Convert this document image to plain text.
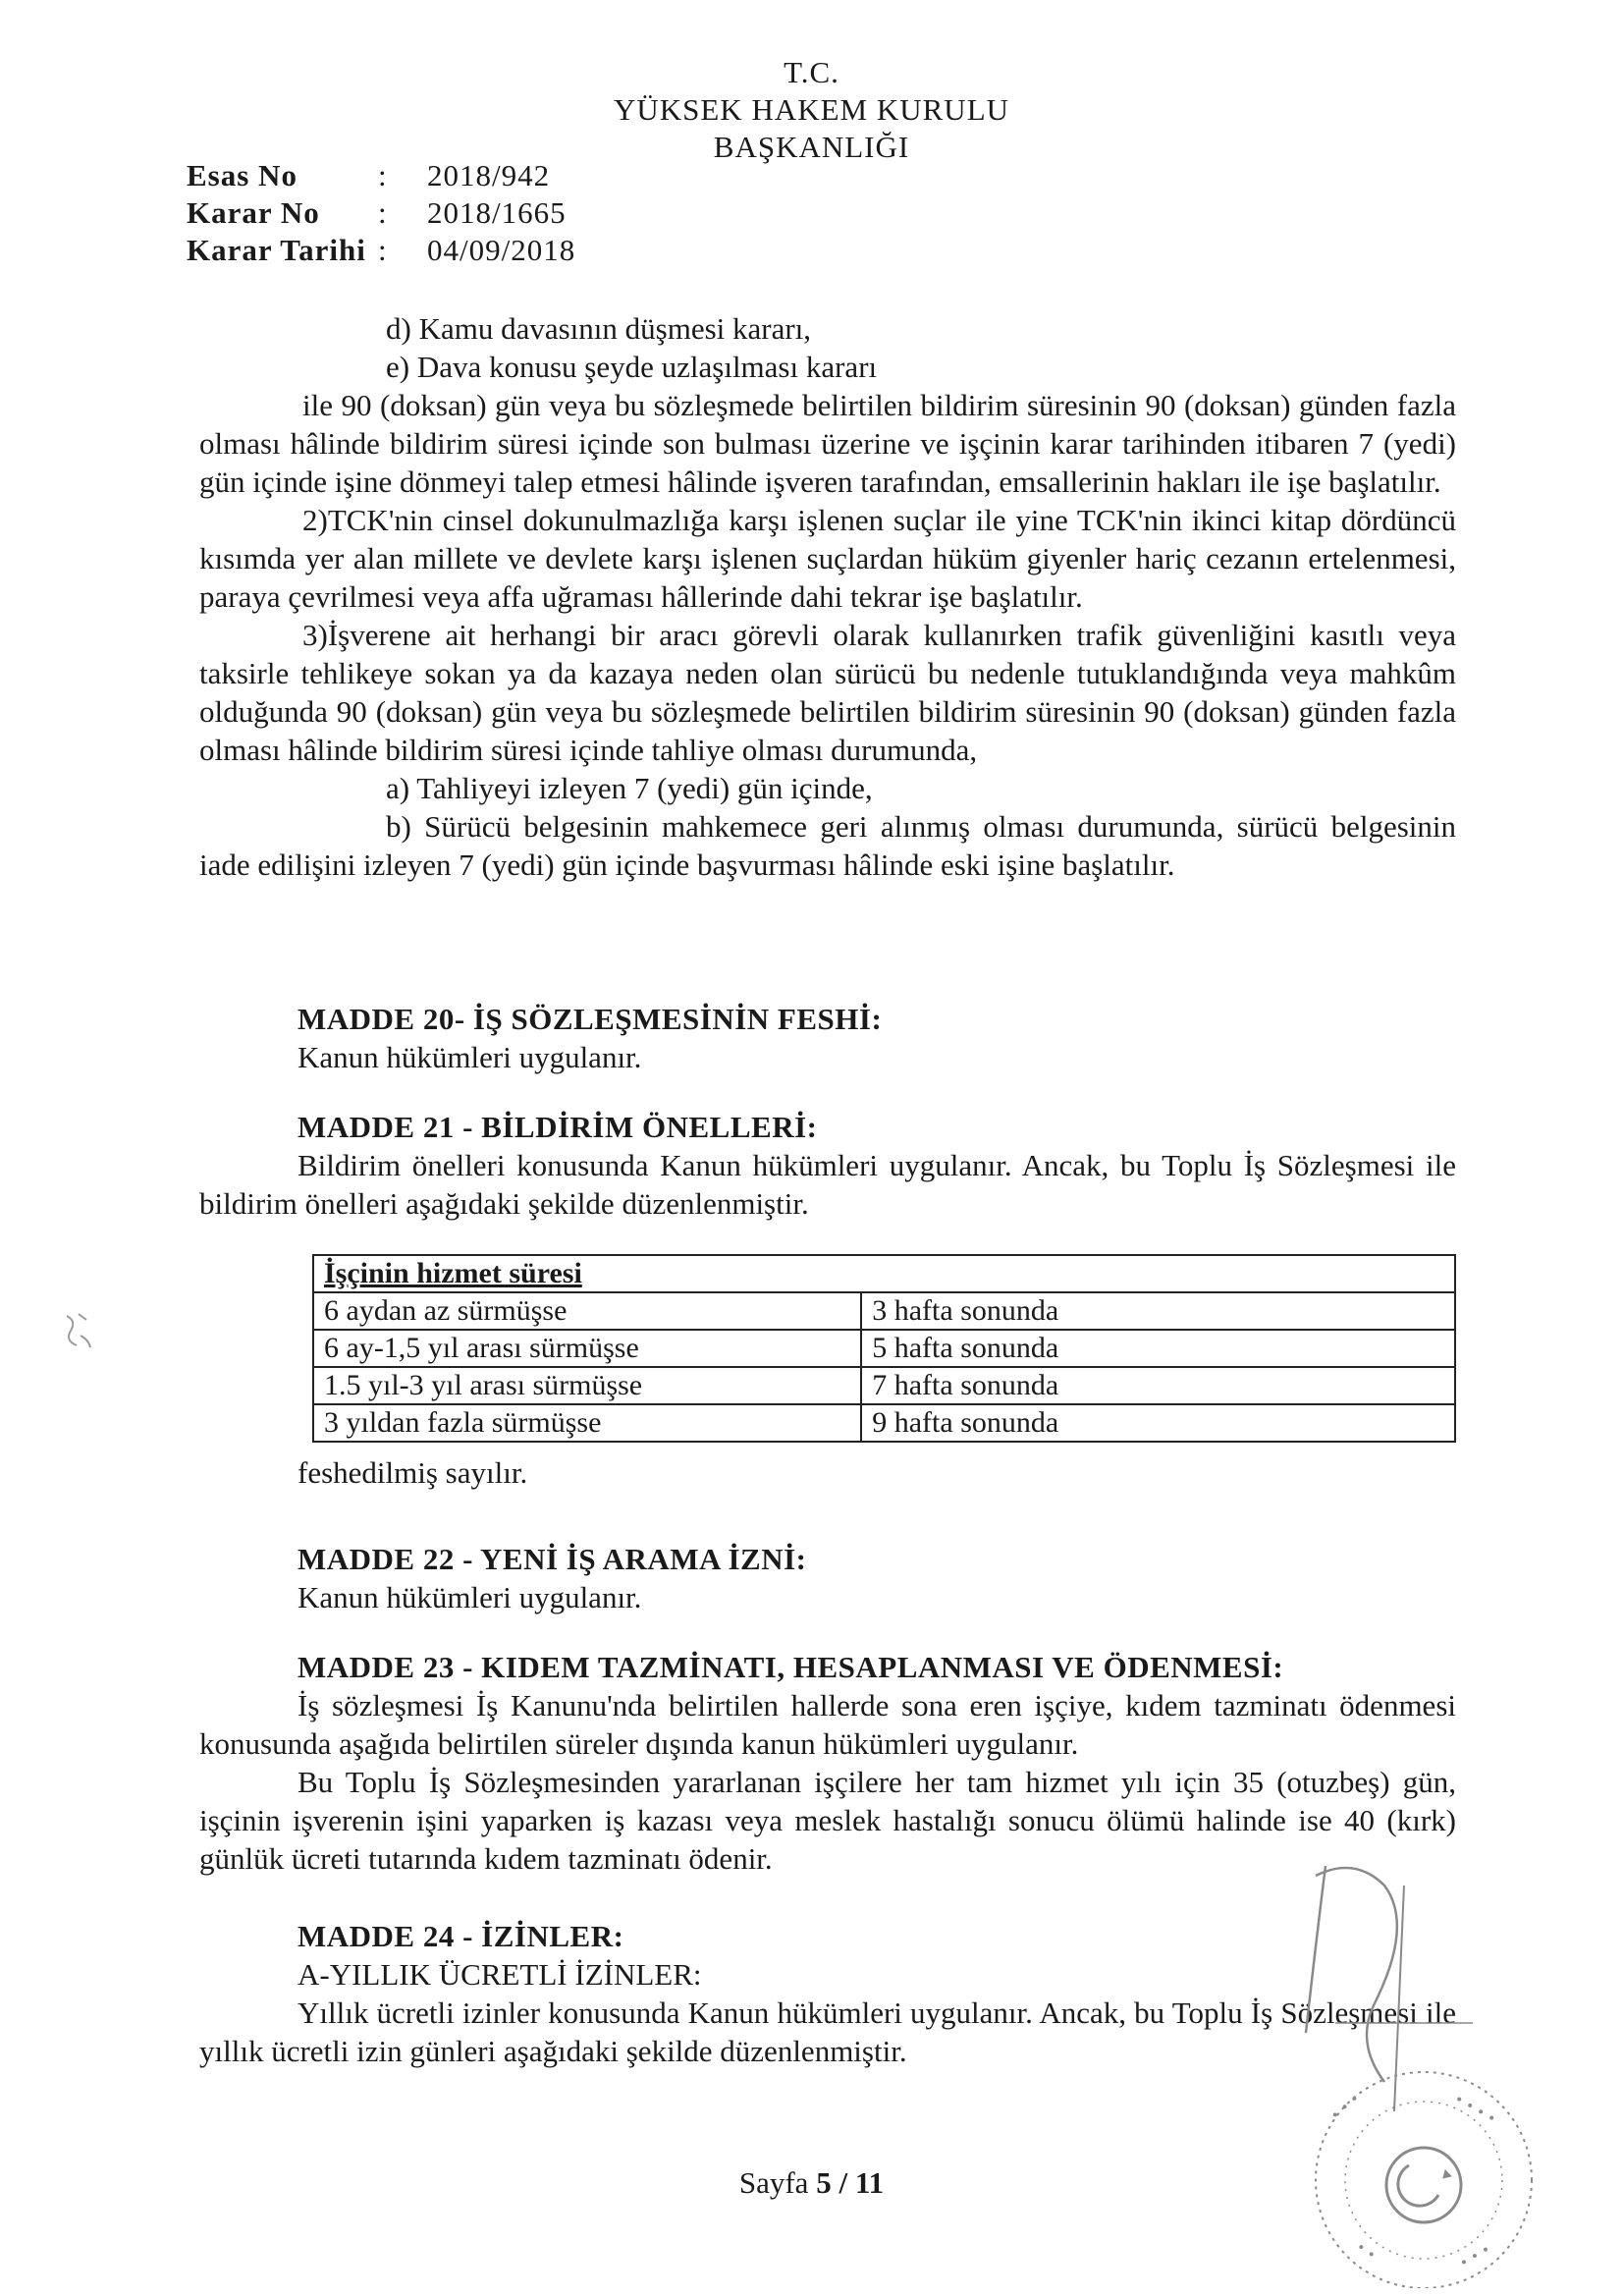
T.C.
YÜKSEK HAKEM KURULU
BAŞKANLIĞI
Esas No	:	2018/942
Karar No	:	2018/1665
Karar Tarihi :	04/09/2018
d) Kamu davasının düşmesi kararı,
e) Dava konusu şeyde uzlaşılması kararı
ile 90 (doksan) gün veya bu sözleşmede belirtilen bildirim süresinin 90 (doksan) günden fazla olması hâlinde bildirim süresi içinde son bulması üzerine ve işçinin karar tarihinden itibaren 7 (yedi) gün içinde işine dönmeyi talep etmesi hâlinde işveren tarafından, emsallerinin hakları ile işe başlatılır.
2)TCK'nin cinsel dokunulmazlığa karşı işlenen suçlar ile yine TCK'nin ikinci kitap dördüncü kısımda yer alan millete ve devlete karşı işlenen suçlardan hüküm giyenler hariç cezanın ertelenmesi, paraya çevrilmesi veya affa uğraması hâllerinde dahi tekrar işe başlatılır.
3)İşverene ait herhangi bir aracı görevli olarak kullanırken trafik güvenliğini kasıtlı veya taksirle tehlikeye sokan ya da kazaya neden olan sürücü bu nedenle tutuklandığında veya mahkûm olduğunda 90 (doksan) gün veya bu sözleşmede belirtilen bildirim süresinin 90 (doksan) günden fazla olması hâlinde bildirim süresi içinde tahliye olması durumunda,
a) Tahliyeyi izleyen 7 (yedi) gün içinde,
b) Sürücü belgesinin mahkemece geri alınmış olması durumunda, sürücü belgesinin iade edilişini izleyen 7 (yedi) gün içinde başvurması hâlinde eski işine başlatılır.
MADDE 20- İŞ SÖZLEŞMESİNİN FESHİ:
Kanun hükümleri uygulanır.
MADDE 21 - BİLDİRİM ÖNELLERİ:
Bildirim önelleri konusunda Kanun hükümleri uygulanır. Ancak, bu Toplu İş Sözleşmesi ile bildirim önelleri aşağıdaki şekilde düzenlenmiştir.
İşçinin hizmet süresi	
6 aydan az sürmüşse	3 hafta sonunda
6 ay-1,5 yıl arası sürmüşse	5 hafta sonunda
1.5 yıl-3 yıl arası sürmüşse	7 hafta sonunda
3 yıldan fazla sürmüşse	9 hafta sonunda
feshedilmiş sayılır.
MADDE 22 - YENİ İŞ ARAMA İZNİ:
Kanun hükümleri uygulanır.
MADDE 23 - KIDEM TAZMİNATI, HESAPLANMASI VE ÖDENMESİ:
İş sözleşmesi İş Kanunu'nda belirtilen hallerde sona eren işçiye, kıdem tazminatı ödenmesi konusunda aşağıda belirtilen süreler dışında kanun hükümleri uygulanır.
Bu Toplu İş Sözleşmesinden yararlanan işçilere her tam hizmet yılı için 35 (otuzbeş) gün, işçinin işverenin işini yaparken iş kazası veya meslek hastalığı sonucu ölümü halinde ise 40 (kırk) günlük ücreti tutarında kıdem tazminatı ödenir.
MADDE 24 - İZİNLER:
A-YILLIK ÜCRETLİ İZİNLER:
Yıllık ücretli izinler konusunda Kanun hükümleri uygulanır. Ancak, bu Toplu İş Sözleşmesi ile yıllık ücretli izin günleri aşağıdaki şekilde düzenlenmiştir.
Sayfa 5 / 11
• • •	• • • •
• •	• • •
